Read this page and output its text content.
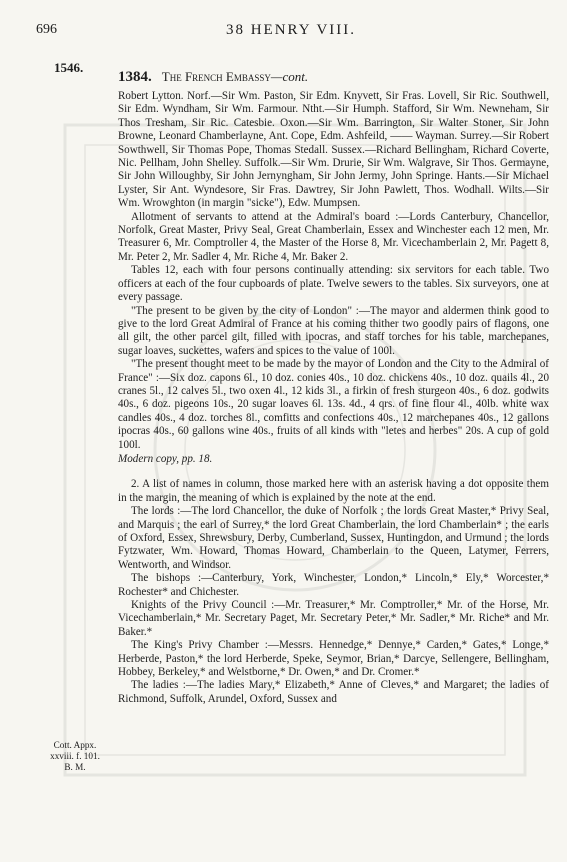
696	38 HENRY VIII.
1546.
1384. The French Embassy—cont.

Robert Lytton. Norf.—Sir Wm. Paston, Sir Edm. Knyvett, Sir Fras. Lovell, Sir Ric. Southwell, Sir Edm. Wyndham, Sir Wm. Farmour. Ntht.—Sir Humph. Stafford, Sir Wm. Newneham, Sir Thos Tresham, Sir Ric. Catesbie. Oxon.—Sir Wm. Barrington, Sir Walter Stoner, Sir John Browne, Leonard Chamberlayne, Ant. Cope, Edm. Ashfeild, —— Wayman. Surrey.—Sir Robert Sowthwell, Sir Thomas Pope, Thomas Stedall. Sussex.—Richard Bellingham, Richard Coverte, Nic. Pellham, John Shelley. Suffolk.—Sir Wm. Drurie, Sir Wm. Walgrave, Sir Thos. Germayne, Sir John Willoughby, Sir John Jernyngham, Sir John Jermy, John Springe. Hants.—Sir Michael Lyster, Sir Ant. Wyndesore, Sir Fras. Dawtrey, Sir John Pawlett, Thos. Wodhall. Wilts.—Sir Wm. Wrowghton (in margin "sicke"), Edw. Mumpsen.

Allotment of servants to attend at the Admiral's board :—Lords Canterbury, Chancellor, Norfolk, Great Master, Privy Seal, Great Chamberlain, Essex and Winchester each 12 men, Mr. Treasurer 6, Mr. Comptroller 4, the Master of the Horse 8, Mr. Vicechamberlain 2, Mr. Pagett 8, Mr. Peter 2, Mr. Sadler 4, Mr. Riche 4, Mr. Baker 2.

Tables 12, each with four persons continually attending: six servitors for each table. Two officers at each of the four cupboards of plate. Twelve sewers to the tables. Six surveyors, one at every passage.

"The present to be given by the city of London" :—The mayor and aldermen think good to give to the lord Great Admiral of France at his coming thither two goodly pairs of flagons, one all gilt, the other parcel gilt, filled with ipocras, and staff torches for his table, marchepanes, sugar loaves, suckettes, wafers and spices to the value of 100l.

"The present thought meet to be made by the mayor of London and the City to the Admiral of France" :—Six doz. capons 6l., 10 doz. conies 40s., 10 doz. chickens 40s., 10 doz. quails 4l., 20 cranes 5l., 12 calves 5l., two oxen 4l., 12 kids 3l., a firkin of fresh sturgeon 40s., 6 doz. godwits 40s., 6 doz. pigeons 10s., 20 sugar loaves 6l. 13s. 4d., 4 qrs. of fine flour 4l., 40lb. white wax candles 40s., 4 doz. torches 8l., comfitts and confections 40s., 12 marchepanes 40s., 12 gallons ipocras 40s., 60 gallons wine 40s., fruits of all kinds with "letes and herbes" 20s. A cup of gold 100l.

Modern copy, pp. 18.

2. A list of names in column, those marked here with an asterisk having a dot opposite them in the margin, the meaning of which is explained by the note at the end.

The lords :—The lord Chancellor, the duke of Norfolk ; the lords Great Master,* Privy Seal, and Marquis ; the earl of Surrey,* the lord Great Chamberlain, the lord Chamberlain* ; the earls of Oxford, Essex, Shrewsbury, Derby, Cumberland, Sussex, Huntingdon, and Urmund ; the lords Fytzwater, Wm. Howard, Thomas Howard, Chamberlain to the Queen, Latymer, Ferrers, Wentworth, and Windsor.

The bishops :—Canterbury, York, Winchester, London,* Lincoln,* Ely,* Worcester,* Rochester* and Chichester.

Knights of the Privy Council :—Mr. Treasurer,* Mr. Comptroller,* Mr. of the Horse, Mr. Vicechamberlain,* Mr. Secretary Paget, Mr. Secretary Peter,* Mr. Sadler,* Mr. Riche* and Mr. Baker.*

The King's Privy Chamber :—Messrs. Hennedge,* Dennye,* Carden,* Gates,* Longe,* Herberde, Paston,* the lord Herberde, Speke, Seymor, Brian,* Darcye, Sellengere, Bellingham, Hobbey, Berkeley,* and Welstborne,* Dr. Owen,* and Dr. Cromer.*

The ladies :—The ladies Mary,* Elizabeth,* Anne of Cleves,* and Margaret; the ladies of Richmond, Suffolk, Arundel, Oxford, Sussex and

Cott. Appx.
xxviii. f. 101.
B. M.
